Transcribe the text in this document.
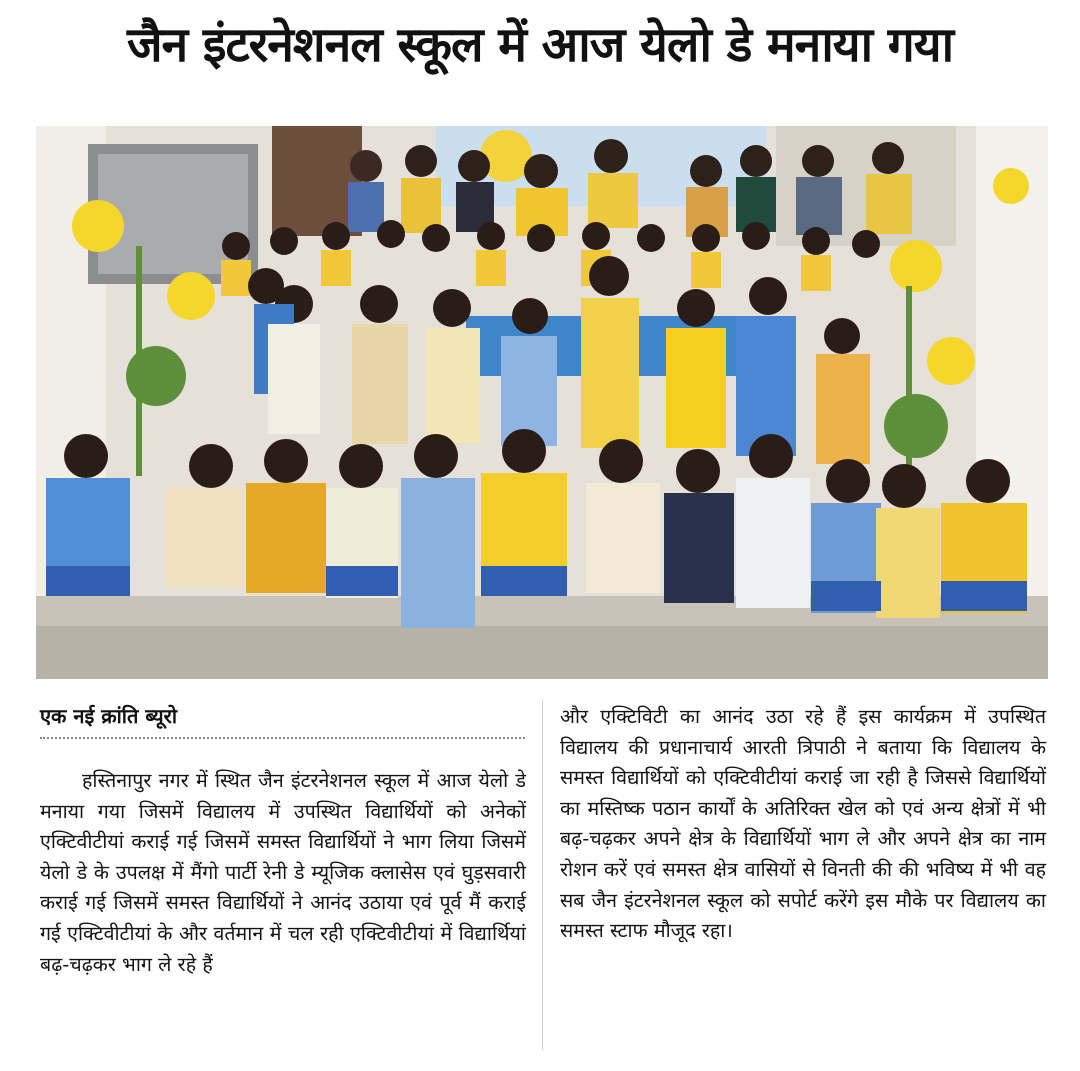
जैन इंटरनेशनल स्कूल में आज येलो डे मनाया गया
एक नई क्रांति ब्यूरो
हस्तिनापुर नगर में स्थित जैन इंटरनेशनल स्कूल में आज येलो डे मनाया गया जिसमें विद्यालय में उपस्थित विद्यार्थियों को अनेकों एक्टिवीटीयां कराई गई जिसमें समस्त विद्यार्थियों ने भाग लिया जिसमें येलो डे के उपलक्ष में मैंगो पार्टी रेनी डे म्यूजिक क्लासेस एवं घुड़सवारी कराई गई जिसमें समस्त विद्यार्थियों ने आनंद उठाया एवं पूर्व मैं कराई गई एक्टिवीटीयां के और वर्तमान में चल रही एक्टिवीटीयां में विद्यार्थियां बढ़-चढ़कर भाग ले रहे हैं
और एक्टिविटी का आनंद उठा रहे हैं इस कार्यक्रम में उपस्थित विद्यालय की प्रधानाचार्य आरती त्रिपाठी ने बताया कि विद्यालय के समस्त विद्यार्थियों को एक्टिवीटीयां कराई जा रही है जिससे विद्यार्थियों का मस्तिष्क पठान कार्यों के अतिरिक्त खेल को एवं अन्य क्षेत्रों में भी बढ़-चढ़कर अपने क्षेत्र के विद्यार्थियों भाग ले और अपने क्षेत्र का नाम रोशन करें एवं समस्त क्षेत्र वासियों से विनती की की भविष्य में भी वह सब जैन इंटरनेशनल स्कूल को सपोर्ट करेंगे इस मौके पर विद्यालय का समस्त स्टाफ मौजूद रहा।
